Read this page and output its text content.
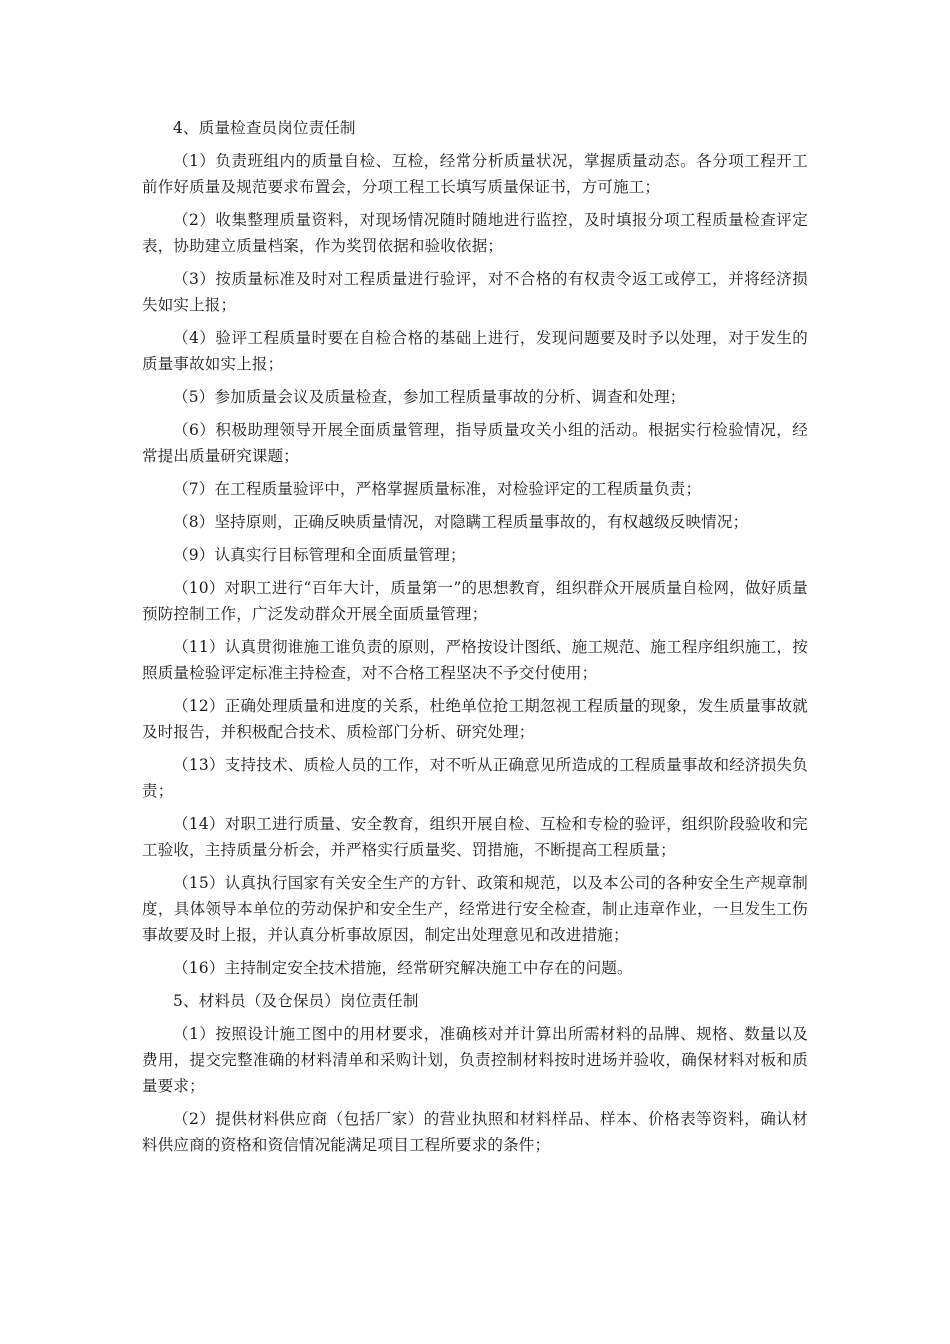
4、质量检查员岗位责任制

（1）负责班组内的质量自检、互检，经常分析质量状况，掌握质量动态。各分项工程开工前作好质量及规范要求布置会，分项工程工长填写质量保证书，方可施工；

（2）收集整理质量资料，对现场情况随时随地进行监控，及时填报分项工程质量检查评定表，协助建立质量档案，作为奖罚依据和验收依据；

（3）按质量标准及时对工程质量进行验评，对不合格的有权责令返工或停工，并将经济损失如实上报；

（4）验评工程质量时要在自检合格的基础上进行，发现问题要及时予以处理，对于发生的质量事故如实上报；

（5）参加质量会议及质量检查，参加工程质量事故的分析、调查和处理；

（6）积极助理领导开展全面质量管理，指导质量攻关小组的活动。根据实行检验情况，经常提出质量研究课题；

（7）在工程质量验评中，严格掌握质量标准，对检验评定的工程质量负责；

（8）坚持原则，正确反映质量情况，对隐瞒工程质量事故的，有权越级反映情况；

（9）认真实行目标管理和全面质量管理；

（10）对职工进行“百年大计，质量第一”的思想教育，组织群众开展质量自检网，做好质量预防控制工作，广泛发动群众开展全面质量管理；

（11）认真贯彻谁施工谁负责的原则，严格按设计图纸、施工规范、施工程序组织施工，按照质量检验评定标准主持检查，对不合格工程坚决不予交付使用；

（12）正确处理质量和进度的关系，杜绝单位抢工期忽视工程质量的现象，发生质量事故就及时报告，并积极配合技术、质检部门分析、研究处理；

（13）支持技术、质检人员的工作，对不听从正确意见所造成的工程质量事故和经济损失负责；

（14）对职工进行质量、安全教育，组织开展自检、互检和专检的验评，组织阶段验收和完工验收，主持质量分析会，并严格实行质量奖、罚措施，不断提高工程质量；

（15）认真执行国家有关安全生产的方针、政策和规范，以及本公司的各种安全生产规章制度，具体领导本单位的劳动保护和安全生产，经常进行安全检查，制止违章作业，一旦发生工伤事故要及时上报，并认真分析事故原因，制定出处理意见和改进措施；

（16）主持制定安全技术措施，经常研究解决施工中存在的问题。

5、材料员（及仓保员）岗位责任制

（1）按照设计施工图中的用材要求，准确核对并计算出所需材料的品牌、规格、数量以及费用，提交完整准确的材料清单和采购计划，负责控制材料按时进场并验收，确保材料对板和质量要求；

（2）提供材料供应商（包括厂家）的营业执照和材料样品、样本、价格表等资料，确认材料供应商的资格和资信情况能满足项目工程所要求的条件；
